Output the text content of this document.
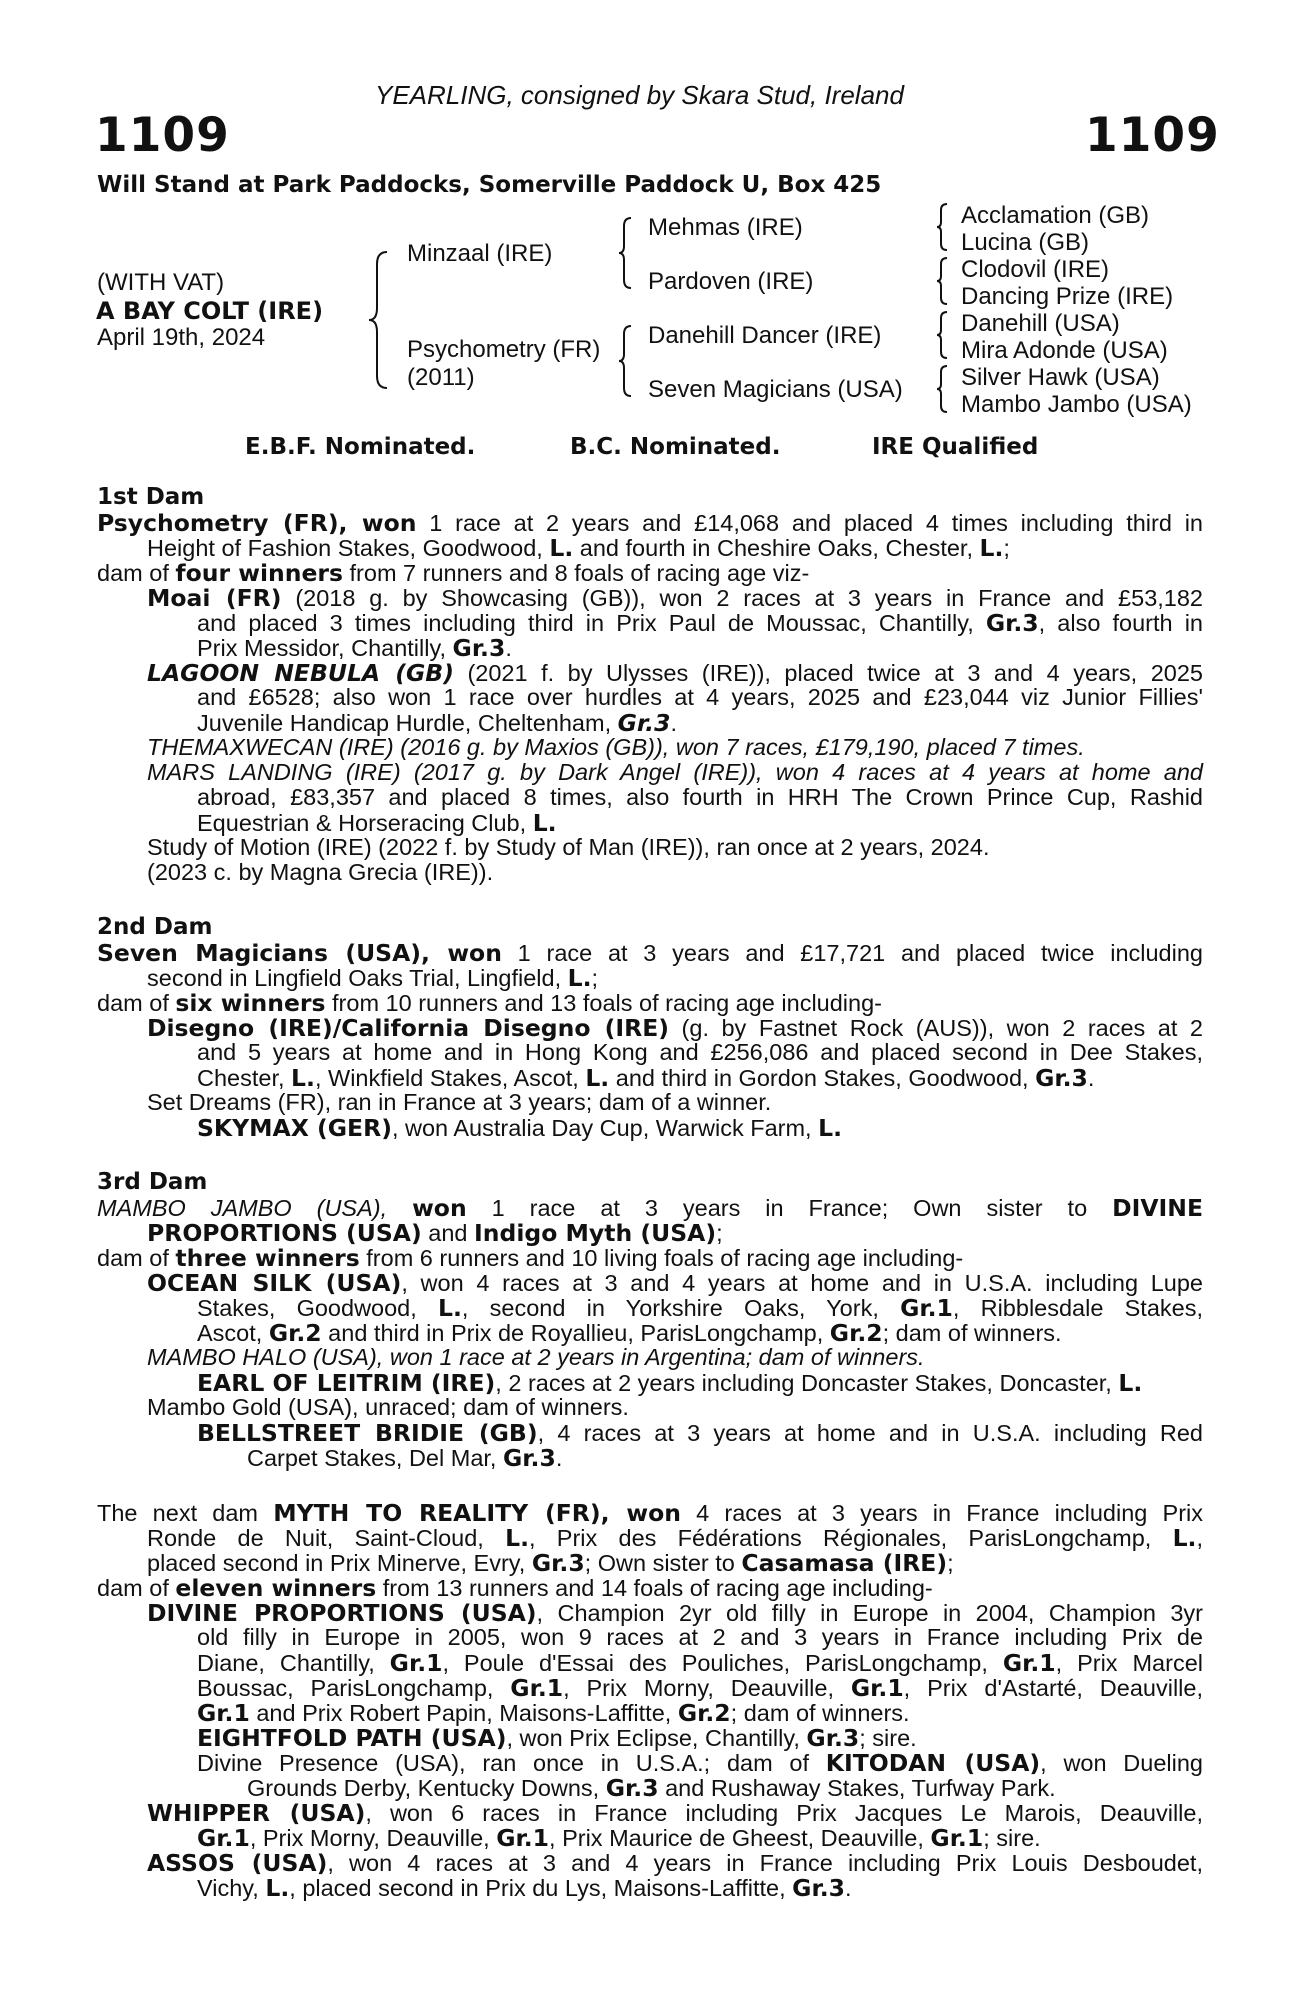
YEARLING, consigned by Skara Stud, Ireland
1109	1109
Will Stand at Park Paddocks, Somerville Paddock U, Box 425
(WITH VAT)
A BAY COLT (IRE)
April 19th, 2024
Minzaal (IRE)
Psychometry (FR)
(2011)
Mehmas (IRE)
Pardoven (IRE)
Danehill Dancer (IRE)
Seven Magicians (USA)
Acclamation (GB)
Lucina (GB)
Clodovil (IRE)
Dancing Prize (IRE)
Danehill (USA)
Mira Adonde (USA)
Silver Hawk (USA)
Mambo Jambo (USA)
E.B.F. Nominated.	B.C. Nominated.	IRE Qualified
1st Dam
Psychometry (FR), won 1 race at 2 years and £14,068 and placed 4 times including third in
Height of Fashion Stakes, Goodwood, L. and fourth in Cheshire Oaks, Chester, L.;
dam of four winners from 7 runners and 8 foals of racing age viz-
Moai (FR) (2018 g. by Showcasing (GB)), won 2 races at 3 years in France and £53,182
and placed 3 times including third in Prix Paul de Moussac, Chantilly, Gr.3, also fourth in
Prix Messidor, Chantilly, Gr.3.
LAGOON NEBULA (GB) (2021 f. by Ulysses (IRE)), placed twice at 3 and 4 years, 2025
and £6528; also won 1 race over hurdles at 4 years, 2025 and £23,044 viz Junior Fillies'
Juvenile Handicap Hurdle, Cheltenham, Gr.3.
THEMAXWECAN (IRE) (2016 g. by Maxios (GB)), won 7 races, £179,190, placed 7 times.
MARS LANDING (IRE) (2017 g. by Dark Angel (IRE)), won 4 races at 4 years at home and
abroad, £83,357 and placed 8 times, also fourth in HRH The Crown Prince Cup, Rashid
Equestrian & Horseracing Club, L.
Study of Motion (IRE) (2022 f. by Study of Man (IRE)), ran once at 2 years, 2024.
(2023 c. by Magna Grecia (IRE)).
2nd Dam
Seven Magicians (USA), won 1 race at 3 years and £17,721 and placed twice including
second in Lingfield Oaks Trial, Lingfield, L.;
dam of six winners from 10 runners and 13 foals of racing age including-
Disegno (IRE)/California Disegno (IRE) (g. by Fastnet Rock (AUS)), won 2 races at 2
and 5 years at home and in Hong Kong and £256,086 and placed second in Dee Stakes,
Chester, L., Winkfield Stakes, Ascot, L. and third in Gordon Stakes, Goodwood, Gr.3.
Set Dreams (FR), ran in France at 3 years; dam of a winner.
SKYMAX (GER), won Australia Day Cup, Warwick Farm, L.
3rd Dam
MAMBO JAMBO (USA), won 1 race at 3 years in France; Own sister to DIVINE
PROPORTIONS (USA) and Indigo Myth (USA);
dam of three winners from 6 runners and 10 living foals of racing age including-
OCEAN SILK (USA), won 4 races at 3 and 4 years at home and in U.S.A. including Lupe
Stakes, Goodwood, L., second in Yorkshire Oaks, York, Gr.1, Ribblesdale Stakes,
Ascot, Gr.2 and third in Prix de Royallieu, ParisLongchamp, Gr.2; dam of winners.
MAMBO HALO (USA), won 1 race at 2 years in Argentina; dam of winners.
EARL OF LEITRIM (IRE), 2 races at 2 years including Doncaster Stakes, Doncaster, L.
Mambo Gold (USA), unraced; dam of winners.
BELLSTREET BRIDIE (GB), 4 races at 3 years at home and in U.S.A. including Red
Carpet Stakes, Del Mar, Gr.3.
The next dam MYTH TO REALITY (FR), won 4 races at 3 years in France including Prix
Ronde de Nuit, Saint-Cloud, L., Prix des Fédérations Régionales, ParisLongchamp, L.,
placed second in Prix Minerve, Evry, Gr.3; Own sister to Casamasa (IRE);
dam of eleven winners from 13 runners and 14 foals of racing age including-
DIVINE PROPORTIONS (USA), Champion 2yr old filly in Europe in 2004, Champion 3yr
old filly in Europe in 2005, won 9 races at 2 and 3 years in France including Prix de
Diane, Chantilly, Gr.1, Poule d'Essai des Pouliches, ParisLongchamp, Gr.1, Prix Marcel
Boussac, ParisLongchamp, Gr.1, Prix Morny, Deauville, Gr.1, Prix d'Astarté, Deauville,
Gr.1 and Prix Robert Papin, Maisons-Laffitte, Gr.2; dam of winners.
EIGHTFOLD PATH (USA), won Prix Eclipse, Chantilly, Gr.3; sire.
Divine Presence (USA), ran once in U.S.A.; dam of KITODAN (USA), won Dueling
Grounds Derby, Kentucky Downs, Gr.3 and Rushaway Stakes, Turfway Park.
WHIPPER (USA), won 6 races in France including Prix Jacques Le Marois, Deauville,
Gr.1, Prix Morny, Deauville, Gr.1, Prix Maurice de Gheest, Deauville, Gr.1; sire.
ASSOS (USA), won 4 races at 3 and 4 years in France including Prix Louis Desboudet,
Vichy, L., placed second in Prix du Lys, Maisons-Laffitte, Gr.3.
